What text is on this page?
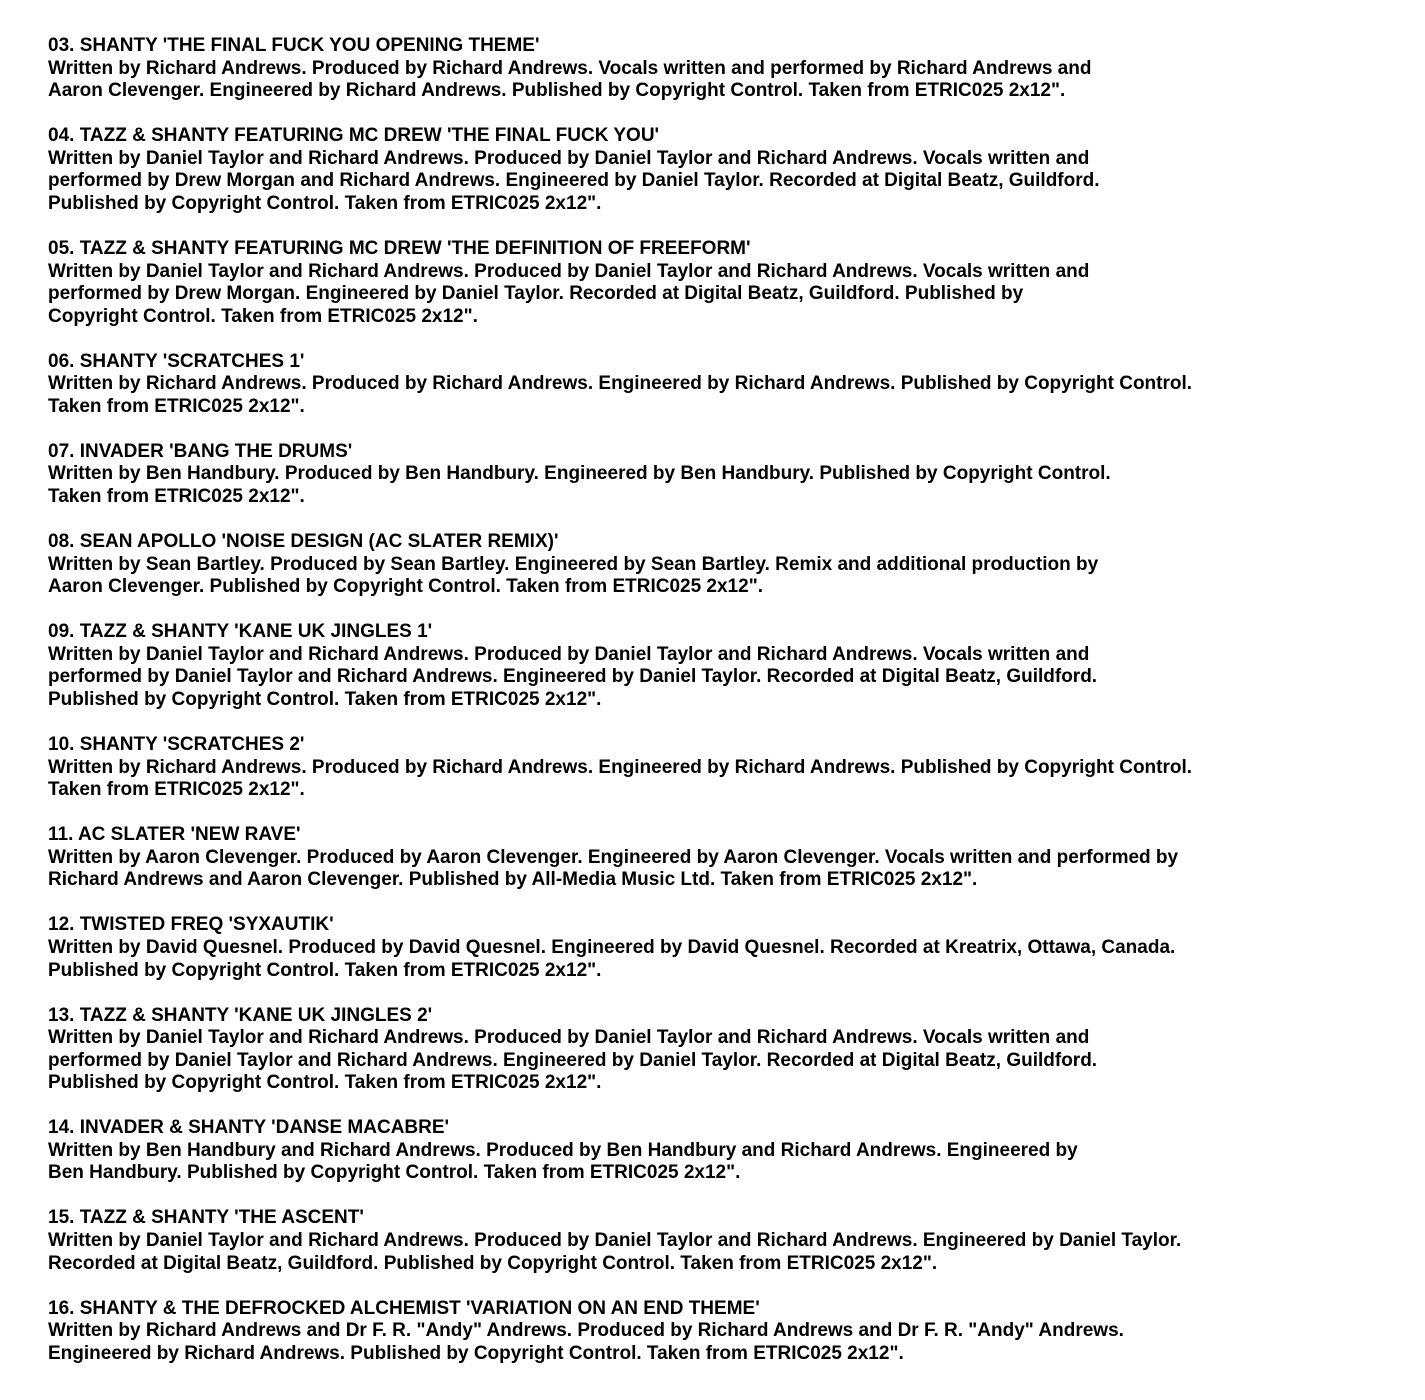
03. SHANTY 'THE FINAL FUCK YOU OPENING THEME'
Written by Richard Andrews. Produced by Richard Andrews. Vocals written and performed by Richard Andrews and
Aaron Clevenger. Engineered by Richard Andrews. Published by Copyright Control. Taken from ETRIC025 2x12".
04. TAZZ & SHANTY FEATURING MC DREW 'THE FINAL FUCK YOU'
Written by Daniel Taylor and Richard Andrews. Produced by Daniel Taylor and Richard Andrews. Vocals written and
performed by Drew Morgan and Richard Andrews. Engineered by Daniel Taylor. Recorded at Digital Beatz, Guildford.
Published by Copyright Control. Taken from ETRIC025 2x12".
05. TAZZ & SHANTY FEATURING MC DREW 'THE DEFINITION OF FREEFORM'
Written by Daniel Taylor and Richard Andrews. Produced by Daniel Taylor and Richard Andrews. Vocals written and
performed by Drew Morgan. Engineered by Daniel Taylor. Recorded at Digital Beatz, Guildford. Published by
Copyright Control. Taken from ETRIC025 2x12".
06. SHANTY 'SCRATCHES 1'
Written by Richard Andrews. Produced by Richard Andrews. Engineered by Richard Andrews. Published by Copyright Control.
Taken from ETRIC025 2x12".
07. INVADER 'BANG THE DRUMS'
Written by Ben Handbury. Produced by Ben Handbury. Engineered by Ben Handbury. Published by Copyright Control.
Taken from ETRIC025 2x12".
08. SEAN APOLLO 'NOISE DESIGN (AC SLATER REMIX)'
Written by Sean Bartley. Produced by Sean Bartley. Engineered by Sean Bartley. Remix and additional production by
Aaron Clevenger. Published by Copyright Control. Taken from ETRIC025 2x12".
09. TAZZ & SHANTY 'KANE UK JINGLES 1'
Written by Daniel Taylor and Richard Andrews. Produced by Daniel Taylor and Richard Andrews. Vocals written and
performed by Daniel Taylor and Richard Andrews. Engineered by Daniel Taylor. Recorded at Digital Beatz, Guildford.
Published by Copyright Control. Taken from ETRIC025 2x12".
10. SHANTY 'SCRATCHES 2'
Written by Richard Andrews. Produced by Richard Andrews. Engineered by Richard Andrews. Published by Copyright Control.
Taken from ETRIC025 2x12".
11. AC SLATER 'NEW RAVE'
Written by Aaron Clevenger. Produced by Aaron Clevenger. Engineered by Aaron Clevenger. Vocals written and performed by
Richard Andrews and Aaron Clevenger. Published by All-Media Music Ltd. Taken from ETRIC025 2x12".
12. TWISTED FREQ 'SYXAUTIK'
Written by David Quesnel. Produced by David Quesnel. Engineered by David Quesnel. Recorded at Kreatrix, Ottawa, Canada.
Published by Copyright Control. Taken from ETRIC025 2x12".
13. TAZZ & SHANTY 'KANE UK JINGLES 2'
Written by Daniel Taylor and Richard Andrews. Produced by Daniel Taylor and Richard Andrews. Vocals written and
performed by Daniel Taylor and Richard Andrews. Engineered by Daniel Taylor. Recorded at Digital Beatz, Guildford.
Published by Copyright Control. Taken from ETRIC025 2x12".
14. INVADER & SHANTY 'DANSE MACABRE'
Written by Ben Handbury and Richard Andrews. Produced by Ben Handbury and Richard Andrews. Engineered by
Ben Handbury. Published by Copyright Control. Taken from ETRIC025 2x12".
15. TAZZ & SHANTY 'THE ASCENT'
Written by Daniel Taylor and Richard Andrews. Produced by Daniel Taylor and Richard Andrews. Engineered by Daniel Taylor.
Recorded at Digital Beatz, Guildford. Published by Copyright Control. Taken from ETRIC025 2x12".
16. SHANTY & THE DEFROCKED ALCHEMIST 'VARIATION ON AN END THEME'
Written by Richard Andrews and Dr F. R. "Andy" Andrews. Produced by Richard Andrews and Dr F. R. "Andy" Andrews.
Engineered by Richard Andrews. Published by Copyright Control. Taken from ETRIC025 2x12".
